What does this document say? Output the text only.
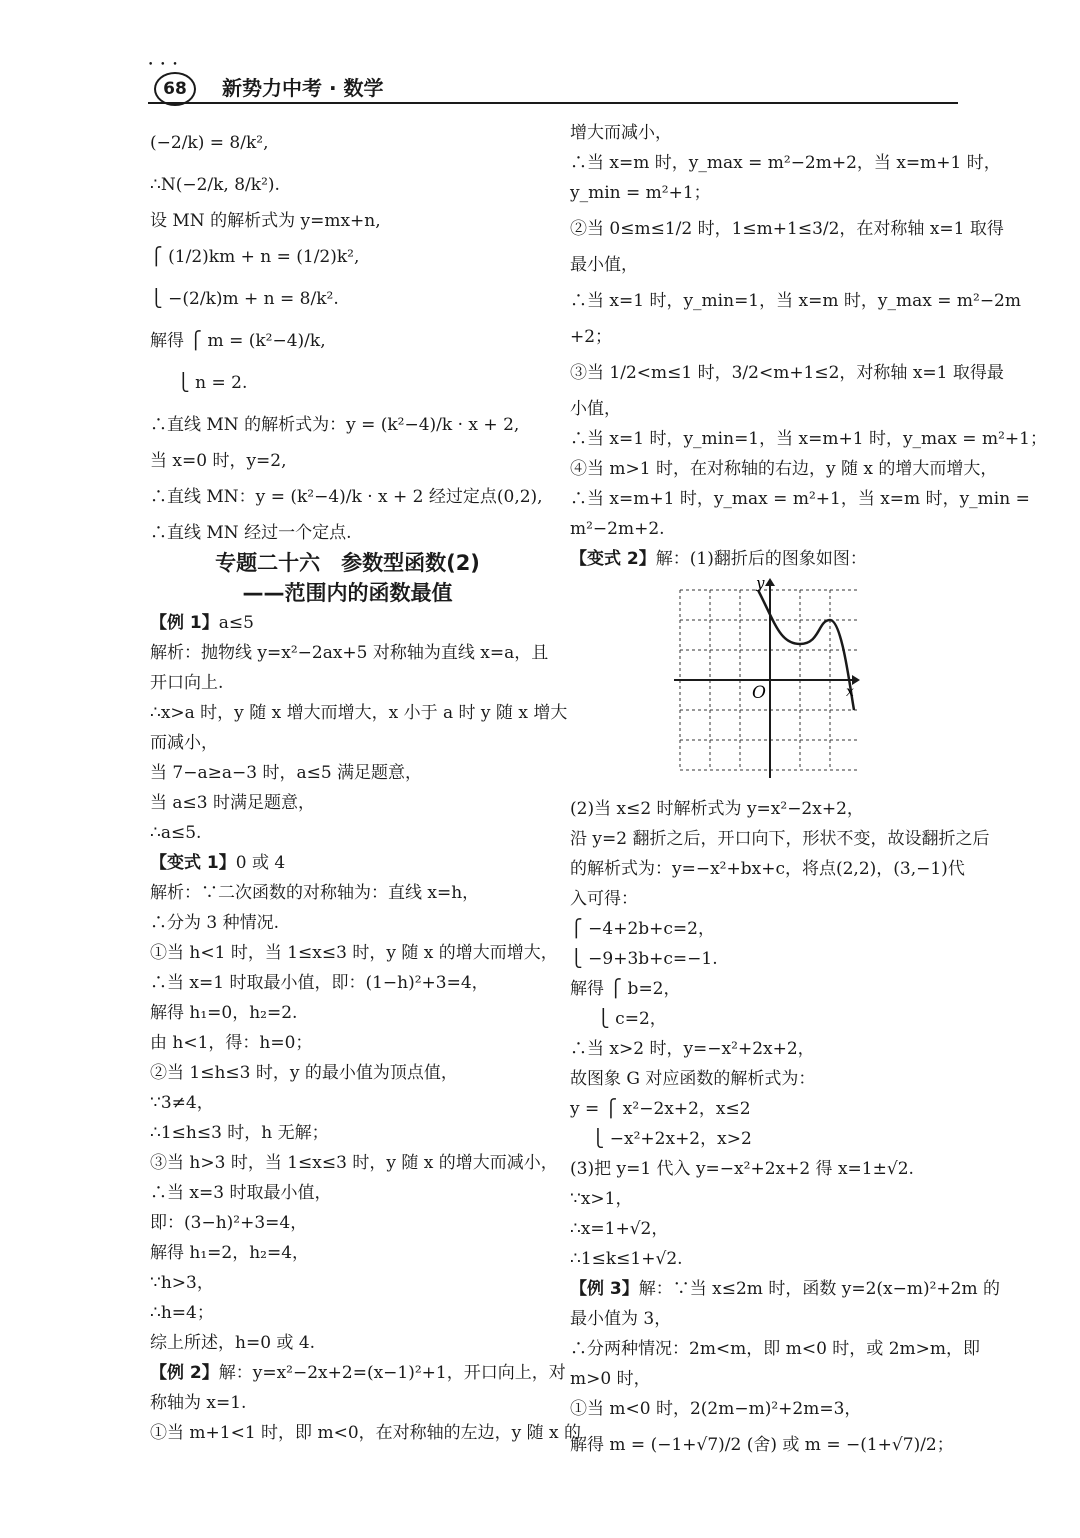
• • •
68	新势力中考 · 数学
(−2/k) = 8/k²,
∴N(−2/k, 8/k²).
设 MN 的解析式为 y=mx+n,
⎧ (1/2)km + n = (1/2)k²,
⎩ −(2/k)m + n = 8/k².
解得 ⎧ m = (k²−4)/k,
⎩ n = 2.
∴直线 MN 的解析式为：y = (k²−4)/k · x + 2,
当 x=0 时，y=2,
∴直线 MN：y = (k²−4)/k · x + 2 经过定点(0,2),
∴直线 MN 经过一个定点.
专题二十六　参数型函数(2)
——范围内的函数最值
【例 1】a≤5
解析：抛物线 y=x²−2ax+5 对称轴为直线 x=a，且
开口向上.
∴x>a 时，y 随 x 增大而增大，x 小于 a 时 y 随 x 增大
而减小，
当 7−a≥a−3 时，a≤5 满足题意，
当 a≤3 时满足题意，
∴a≤5.
【变式 1】0 或 4
解析：∵二次函数的对称轴为：直线 x=h，
∴分为 3 种情况.
①当 h<1 时，当 1≤x≤3 时，y 随 x 的增大而增大，
∴当 x=1 时取最小值，即：(1−h)²+3=4，
解得 h₁=0，h₂=2.
由 h<1，得：h=0；
②当 1≤h≤3 时，y 的最小值为顶点值，
∵3≠4，
∴1≤h≤3 时，h 无解；
③当 h>3 时，当 1≤x≤3 时，y 随 x 的增大而减小，
∴当 x=3 时取最小值，
即：(3−h)²+3=4，
解得 h₁=2，h₂=4，
∵h>3，
∴h=4；
综上所述，h=0 或 4.
【例 2】解：y=x²−2x+2=(x−1)²+1，开口向上，对
称轴为 x=1.
①当 m+1<1 时，即 m<0，在对称轴的左边，y 随 x 的
增大而减小，
∴当 x=m 时，y_max = m²−2m+2，当 x=m+1 时，
y_min = m²+1；
②当 0≤m≤1/2 时，1≤m+1≤3/2，在对称轴 x=1 取得
最小值，
∴当 x=1 时，y_min=1，当 x=m 时，y_max = m²−2m
+2；
③当 1/2<m≤1 时，3/2<m+1≤2，对称轴 x=1 取得最
小值，
∴当 x=1 时，y_min=1，当 x=m+1 时，y_max = m²+1；
④当 m>1 时，在对称轴的右边，y 随 x 的增大而增大，
∴当 x=m+1 时，y_max = m²+1，当 x=m 时，y_min =
m²−2m+2.
【变式 2】解：(1)翻折后的图象如图：
y
O	x
(2)当 x≤2 时解析式为 y=x²−2x+2，
沿 y=2 翻折之后，开口向下，形状不变，故设翻折之后
的解析式为：y=−x²+bx+c，将点(2,2)，(3,−1)代
入可得：
⎧ −4+2b+c=2，
⎩ −9+3b+c=−1.
解得 ⎧ b=2，
⎩ c=2，
∴当 x>2 时，y=−x²+2x+2，
故图象 G 对应函数的解析式为：
y = ⎧ x²−2x+2，x≤2
⎩ −x²+2x+2，x>2
(3)把 y=1 代入 y=−x²+2x+2 得 x=1±√2.
∵x>1，
∴x=1+√2，
∴1≤k≤1+√2.
【例 3】解：∵当 x≤2m 时，函数 y=2(x−m)²+2m 的
最小值为 3，
∴分两种情况：2m<m，即 m<0 时，或 2m>m，即
m>0 时，
①当 m<0 时，2(2m−m)²+2m=3，
解得 m = (−1+√7)/2 (舍) 或 m = −(1+√7)/2；
